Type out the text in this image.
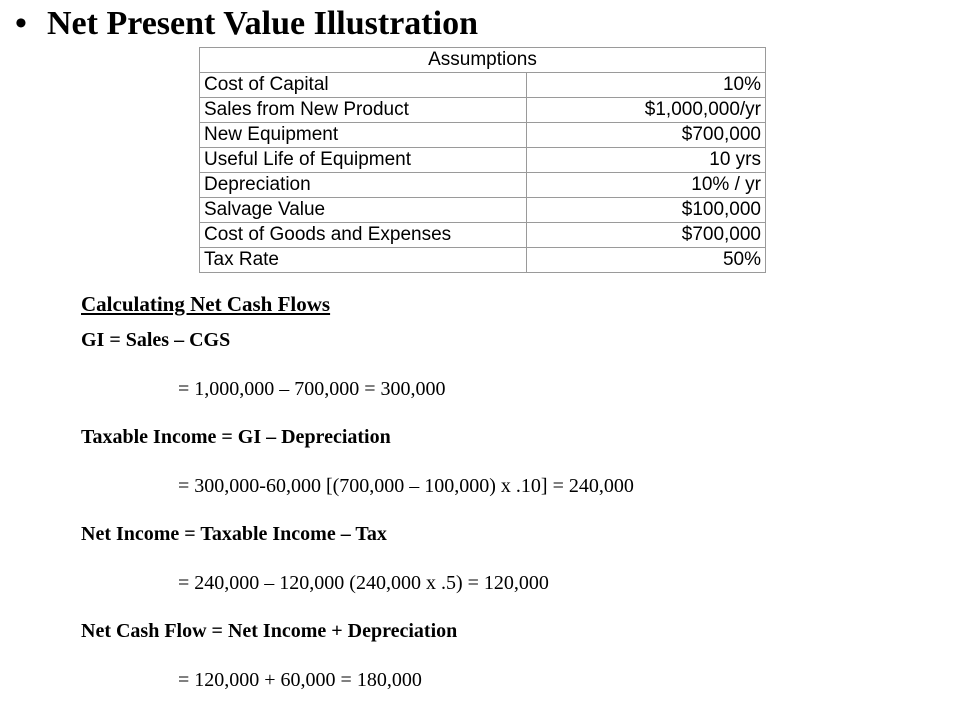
• Net Present Value Illustration
Assumptions	
Cost of Capital	10%
Sales from New Product	$1,000,000/yr
New Equipment	$700,000
Useful Life of Equipment	10 yrs
Depreciation	10% / yr
Salvage Value	$100,000
Cost of Goods and Expenses	$700,000
Tax Rate	50%
Calculating Net Cash Flows
GI = Sales – CGS
= 1,000,000 – 700,000 = 300,000
Taxable Income = GI – Depreciation
= 300,000-60,000 [(700,000 – 100,000) x .10] = 240,000
Net Income = Taxable Income – Tax
= 240,000 – 120,000 (240,000 x .5) = 120,000
Net Cash Flow = Net Income + Depreciation
= 120,000 + 60,000 = 180,000
